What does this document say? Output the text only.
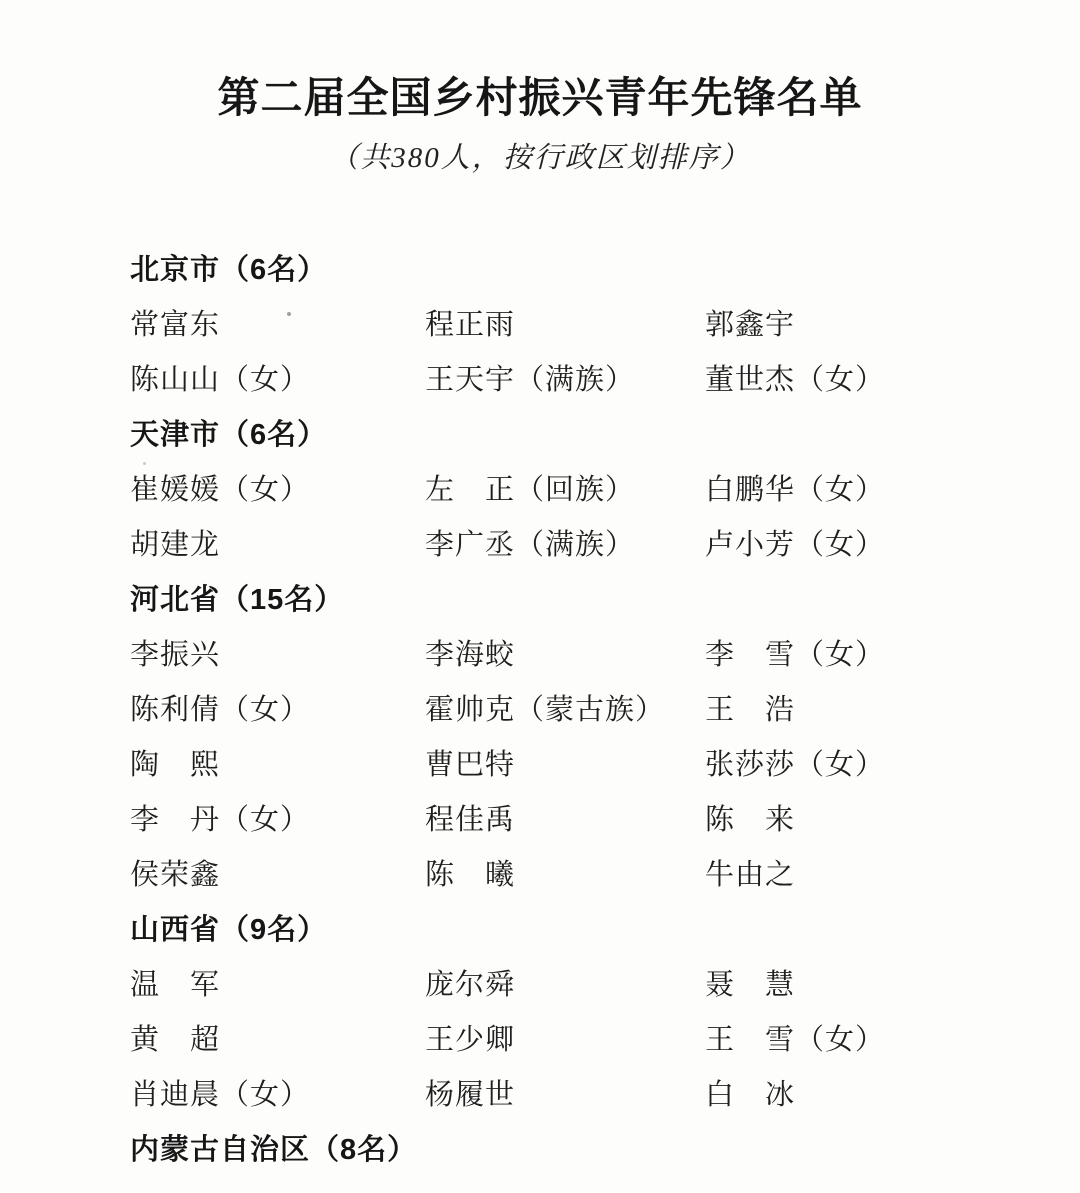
第二届全国乡村振兴青年先锋名单
（共380人，按行政区划排序）
北京市（6名）
常富东	程正雨	郭鑫宇
陈山山（女）	王天宇（满族）	董世杰（女）
天津市（6名）
崔媛媛（女）	左　正（回族）	白鹏华（女）
胡建龙	李广丞（满族）	卢小芳（女）
河北省（15名）
李振兴	李海蛟	李　雪（女）
陈利倩（女）	霍帅克（蒙古族）	王　浩
陶　熙	曹巴特	张莎莎（女）
李　丹（女）	程佳禹	陈　来
侯荣鑫	陈　曦	牛由之
山西省（9名）
温　军	庞尔舜	聂　慧
黄　超	王少卿	王　雪（女）
肖迪晨（女）	杨履世	白　冰
内蒙古自治区（8名）
